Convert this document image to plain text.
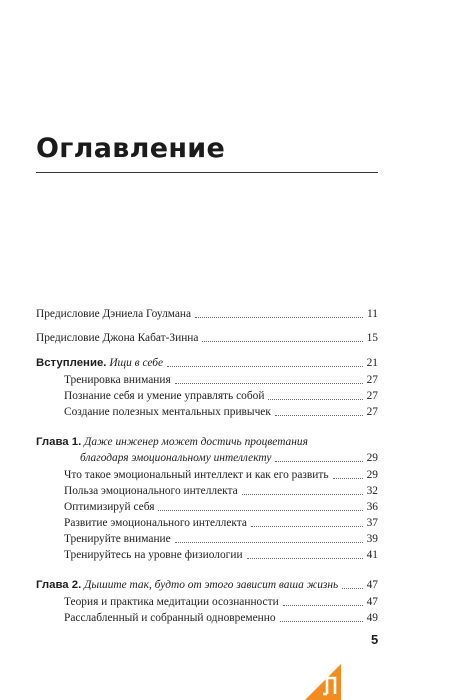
Оглавление
Предисловие Дэниела Гоулмана	11
Предисловие Джона Кабат-Зинна	15
Вступление. Ищи в себе	21
Тренировка внимания	27
Познание себя и умение управлять собой	27
Создание полезных ментальных привычек	27
Глава 1. Даже инженер может достичь процветания
благодаря эмоциональному интеллекту	29
Что такое эмоциональный интеллект и как его развить	29
Польза эмоционального интеллекта	32
Оптимизируй себя	36
Развитие эмоционального интеллекта	37
Тренируйте внимание	39
Тренируйтесь на уровне физиологии	41
Глава 2. Дышите так, будто от этого зависит ваша жизнь 47
Теория и практика медитации осознанности	47
Расслабленный и собранный одновременно	49
5
